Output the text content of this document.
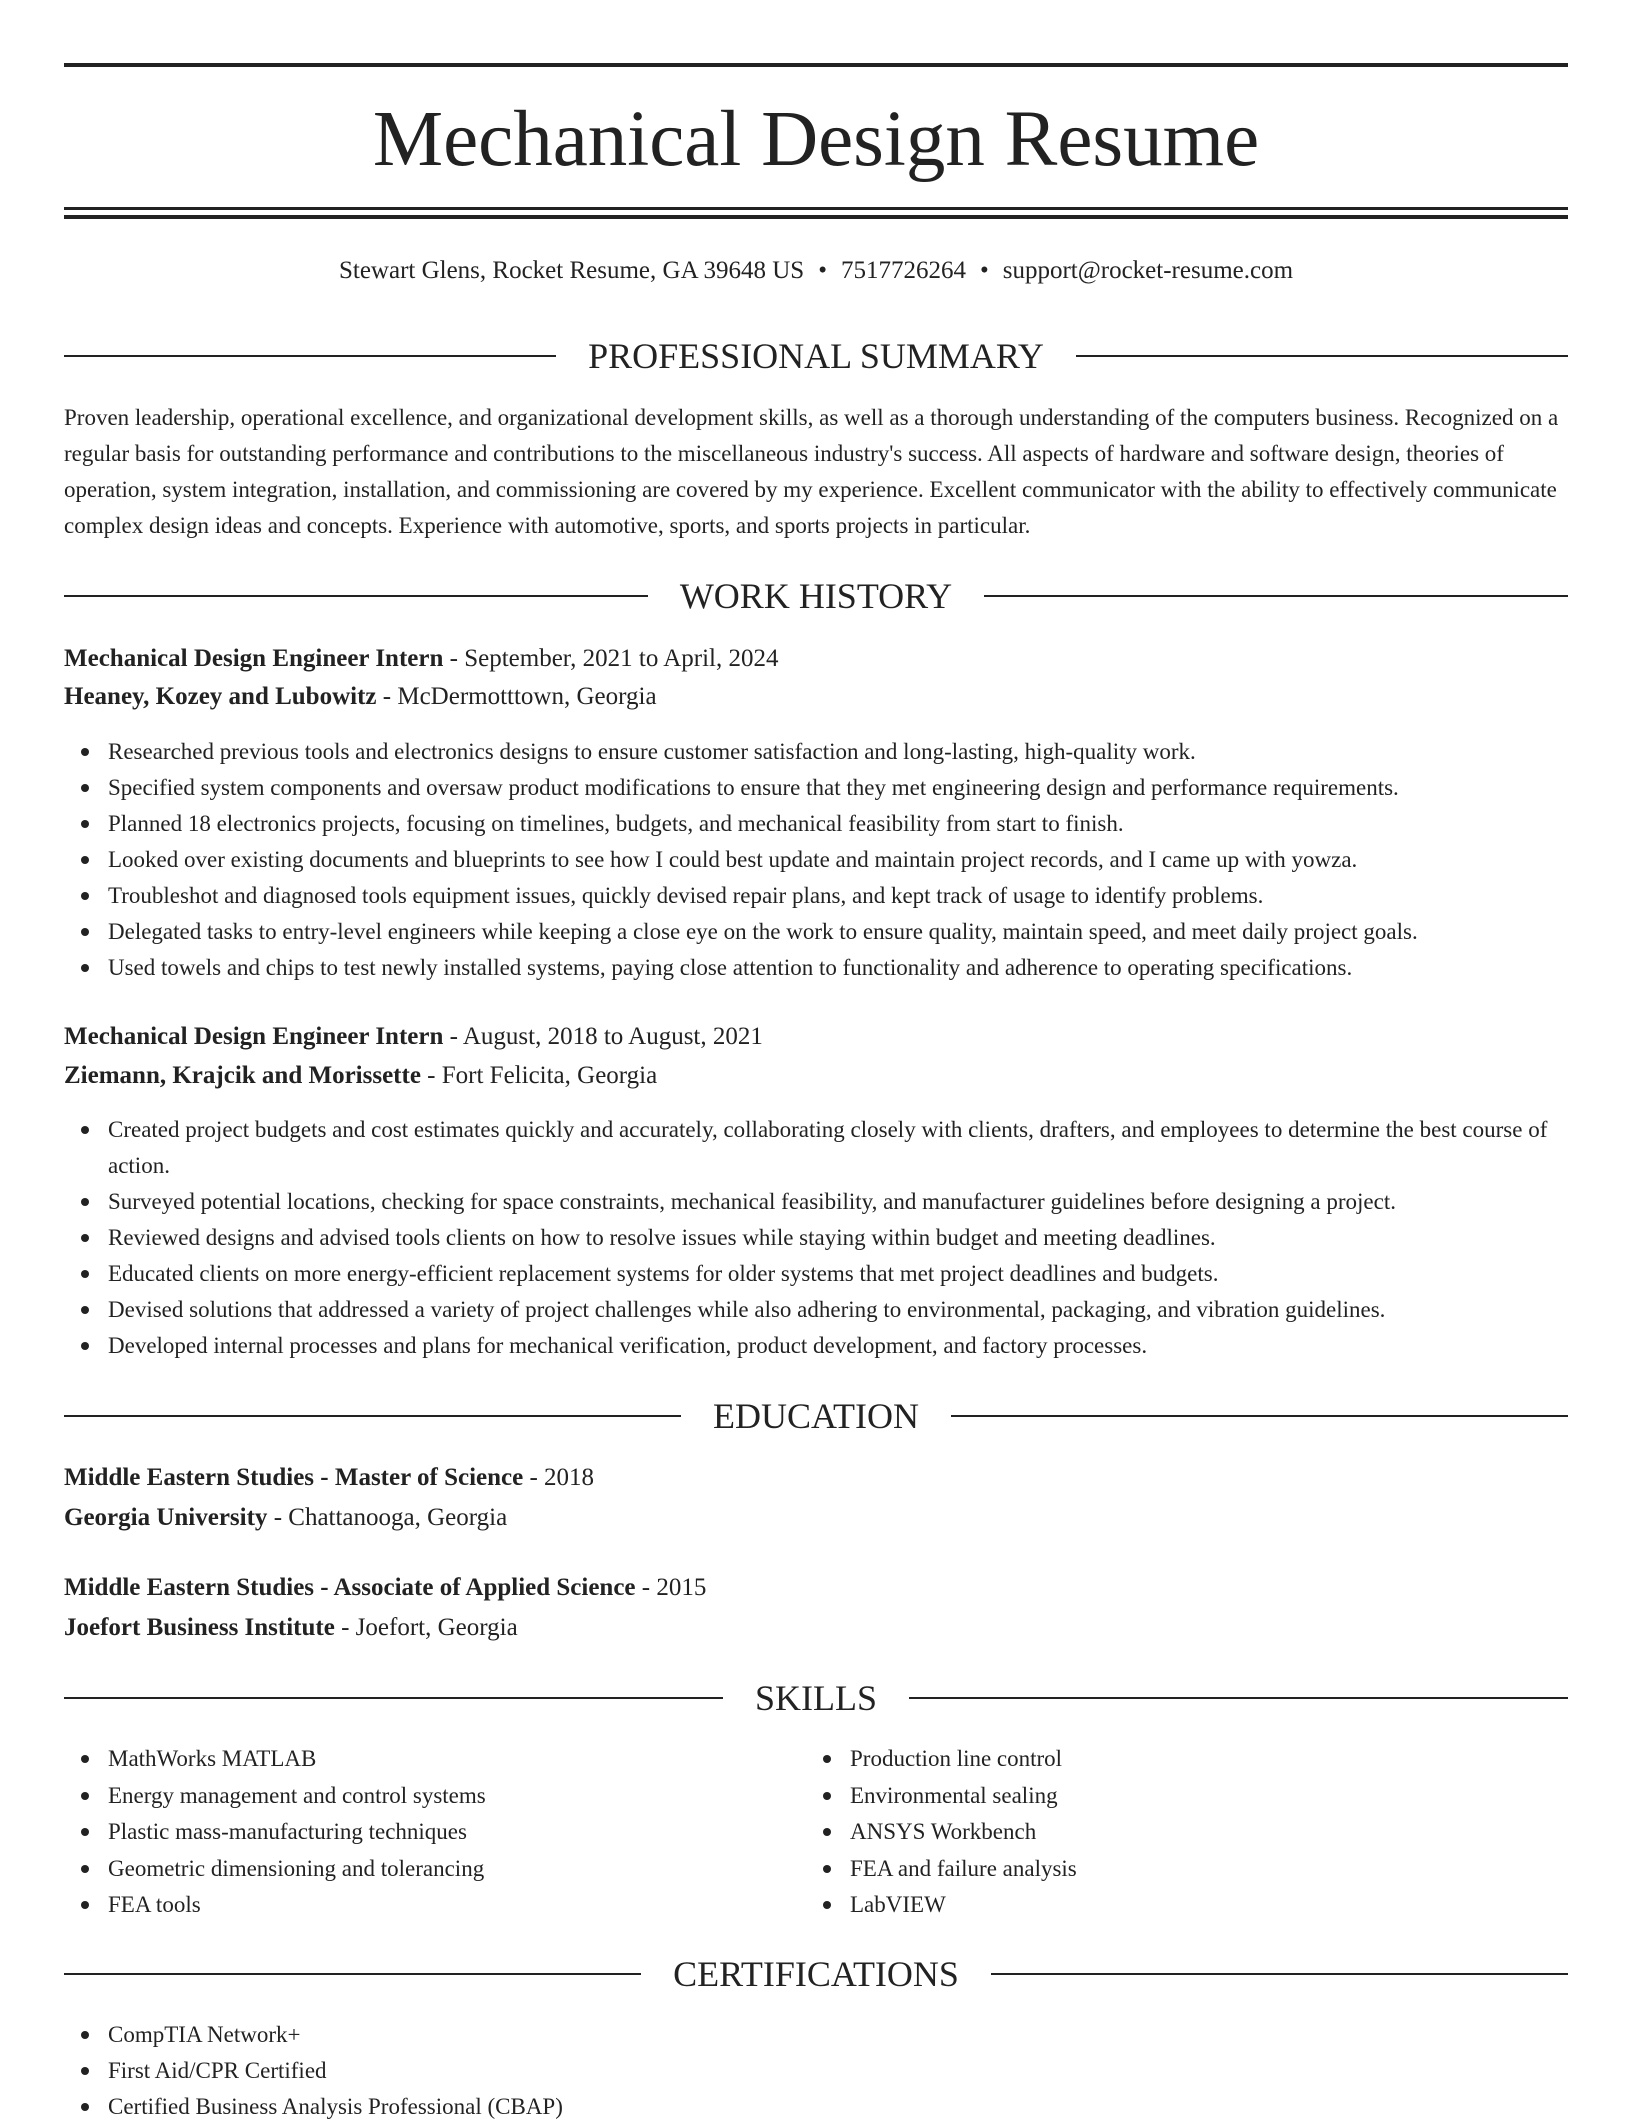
Mechanical Design Resume
Stewart Glens, Rocket Resume, GA 39648 US • 7517726264 • support@rocket-resume.com
PROFESSIONAL SUMMARY

Proven leadership, operational excellence, and organizational development skills, as well as a thorough understanding of the computers business. Recognized on a regular basis for outstanding performance and contributions to the miscellaneous industry's success. All aspects of hardware and software design, theories of operation, system integration, installation, and commissioning are covered by my experience. Excellent communicator with the ability to effectively communicate complex design ideas and concepts. Experience with automotive, sports, and sports projects in particular.

WORK HISTORY
Mechanical Design Engineer Intern - September, 2021 to April, 2024
Heaney, Kozey and Lubowitz - McDermotttown, Georgia
Researched previous tools and electronics designs to ensure customer satisfaction and long-lasting, high-quality work.
Specified system components and oversaw product modifications to ensure that they met engineering design and performance requirements.
Planned 18 electronics projects, focusing on timelines, budgets, and mechanical feasibility from start to finish.
Looked over existing documents and blueprints to see how I could best update and maintain project records, and I came up with yowza.
Troubleshot and diagnosed tools equipment issues, quickly devised repair plans, and kept track of usage to identify problems.
Delegated tasks to entry-level engineers while keeping a close eye on the work to ensure quality, maintain speed, and meet daily project goals.
Used towels and chips to test newly installed systems, paying close attention to functionality and adherence to operating specifications.
Mechanical Design Engineer Intern - August, 2018 to August, 2021
Ziemann, Krajcik and Morissette - Fort Felicita, Georgia
Created project budgets and cost estimates quickly and accurately, collaborating closely with clients, drafters, and employees to determine the best course of action.
Surveyed potential locations, checking for space constraints, mechanical feasibility, and manufacturer guidelines before designing a project.
Reviewed designs and advised tools clients on how to resolve issues while staying within budget and meeting deadlines.
Educated clients on more energy-efficient replacement systems for older systems that met project deadlines and budgets.
Devised solutions that addressed a variety of project challenges while also adhering to environmental, packaging, and vibration guidelines.
Developed internal processes and plans for mechanical verification, product development, and factory processes.
EDUCATION
Middle Eastern Studies - Master of Science - 2018
Georgia University - Chattanooga, Georgia
Middle Eastern Studies - Associate of Applied Science - 2015
Joefort Business Institute - Joefort, Georgia
SKILLS
MathWorks MATLAB
Energy management and control systems
Plastic mass-manufacturing techniques
Geometric dimensioning and tolerancing
FEA tools
Production line control
Environmental sealing
ANSYS Workbench
FEA and failure analysis
LabVIEW
CERTIFICATIONS
CompTIA Network+
First Aid/CPR Certified
Certified Business Analysis Professional (CBAP)
